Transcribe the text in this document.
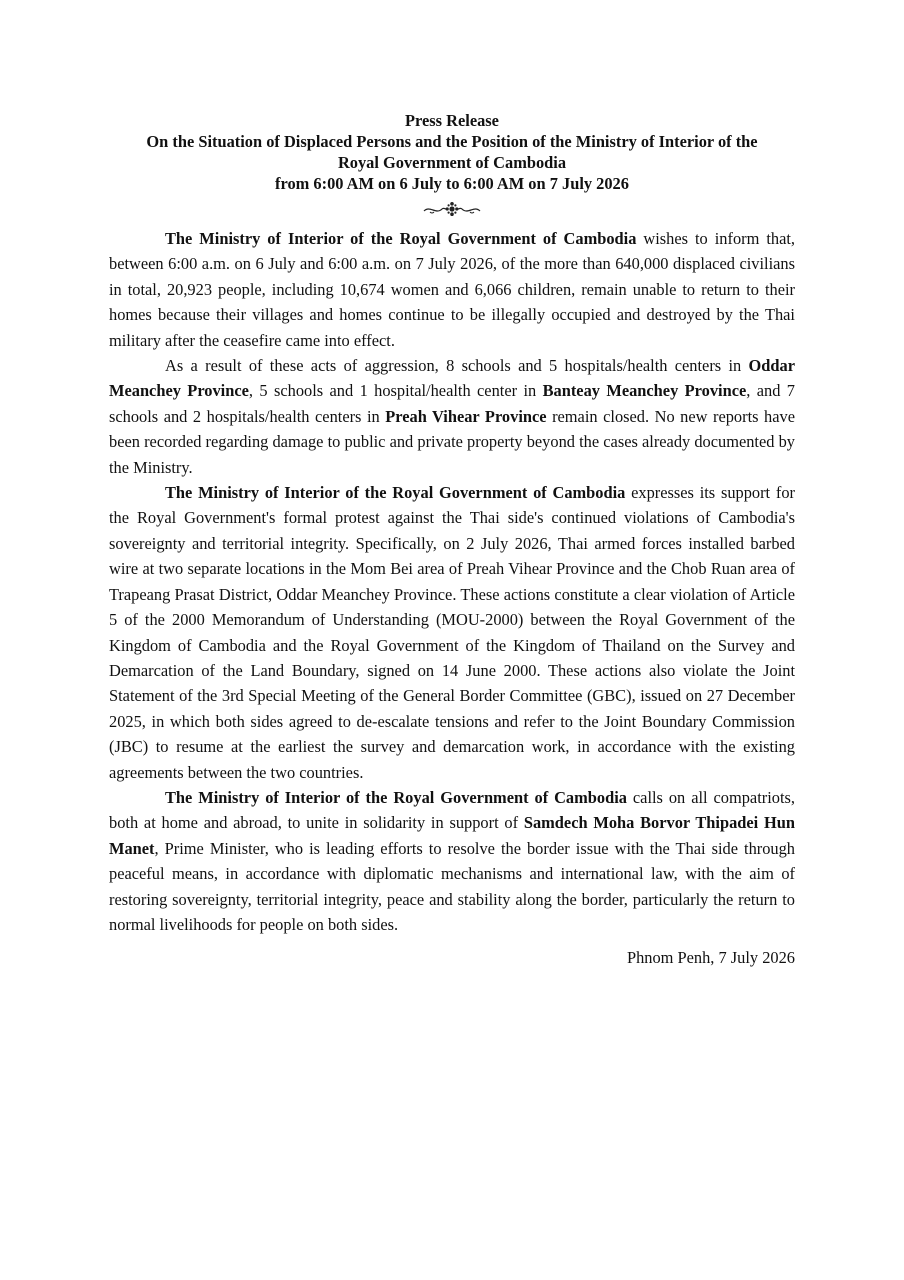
Press Release
On the Situation of Displaced Persons and the Position of the Ministry of Interior of the
Royal Government of Cambodia
from 6:00 AM on 6 July to 6:00 AM on 7 July 2026

The Ministry of Interior of the Royal Government of Cambodia wishes to inform that, between 6:00 a.m. on 6 July and 6:00 a.m. on 7 July 2026, of the more than 640,000 displaced civilians in total, 20,923 people, including 10,674 women and 6,066 children, remain unable to return to their homes because their villages and homes continue to be illegally occupied and destroyed by the Thai military after the ceasefire came into effect.

As a result of these acts of aggression, 8 schools and 5 hospitals/health centers in Oddar Meanchey Province, 5 schools and 1 hospital/health center in Banteay Meanchey Province, and 7 schools and 2 hospitals/health centers in Preah Vihear Province remain closed. No new reports have been recorded regarding damage to public and private property beyond the cases already documented by the Ministry.

The Ministry of Interior of the Royal Government of Cambodia expresses its support for the Royal Government's formal protest against the Thai side's continued violations of Cambodia's sovereignty and territorial integrity. Specifically, on 2 July 2026, Thai armed forces installed barbed wire at two separate locations in the Mom Bei area of Preah Vihear Province and the Chob Ruan area of Trapeang Prasat District, Oddar Meanchey Province. These actions constitute a clear violation of Article 5 of the 2000 Memorandum of Understanding (MOU-2000) between the Royal Government of the Kingdom of Cambodia and the Royal Government of the Kingdom of Thailand on the Survey and Demarcation of the Land Boundary, signed on 14 June 2000. These actions also violate the Joint Statement of the 3rd Special Meeting of the General Border Committee (GBC), issued on 27 December 2025, in which both sides agreed to de-escalate tensions and refer to the Joint Boundary Commission (JBC) to resume at the earliest the survey and demarcation work, in accordance with the existing agreements between the two countries.

The Ministry of Interior of the Royal Government of Cambodia calls on all compatriots, both at home and abroad, to unite in solidarity in support of Samdech Moha Borvor Thipadei Hun Manet, Prime Minister, who is leading efforts to resolve the border issue with the Thai side through peaceful means, in accordance with diplomatic mechanisms and international law, with the aim of restoring sovereignty, territorial integrity, peace and stability along the border, particularly the return to normal livelihoods for people on both sides.

Phnom Penh, 7 July 2026
